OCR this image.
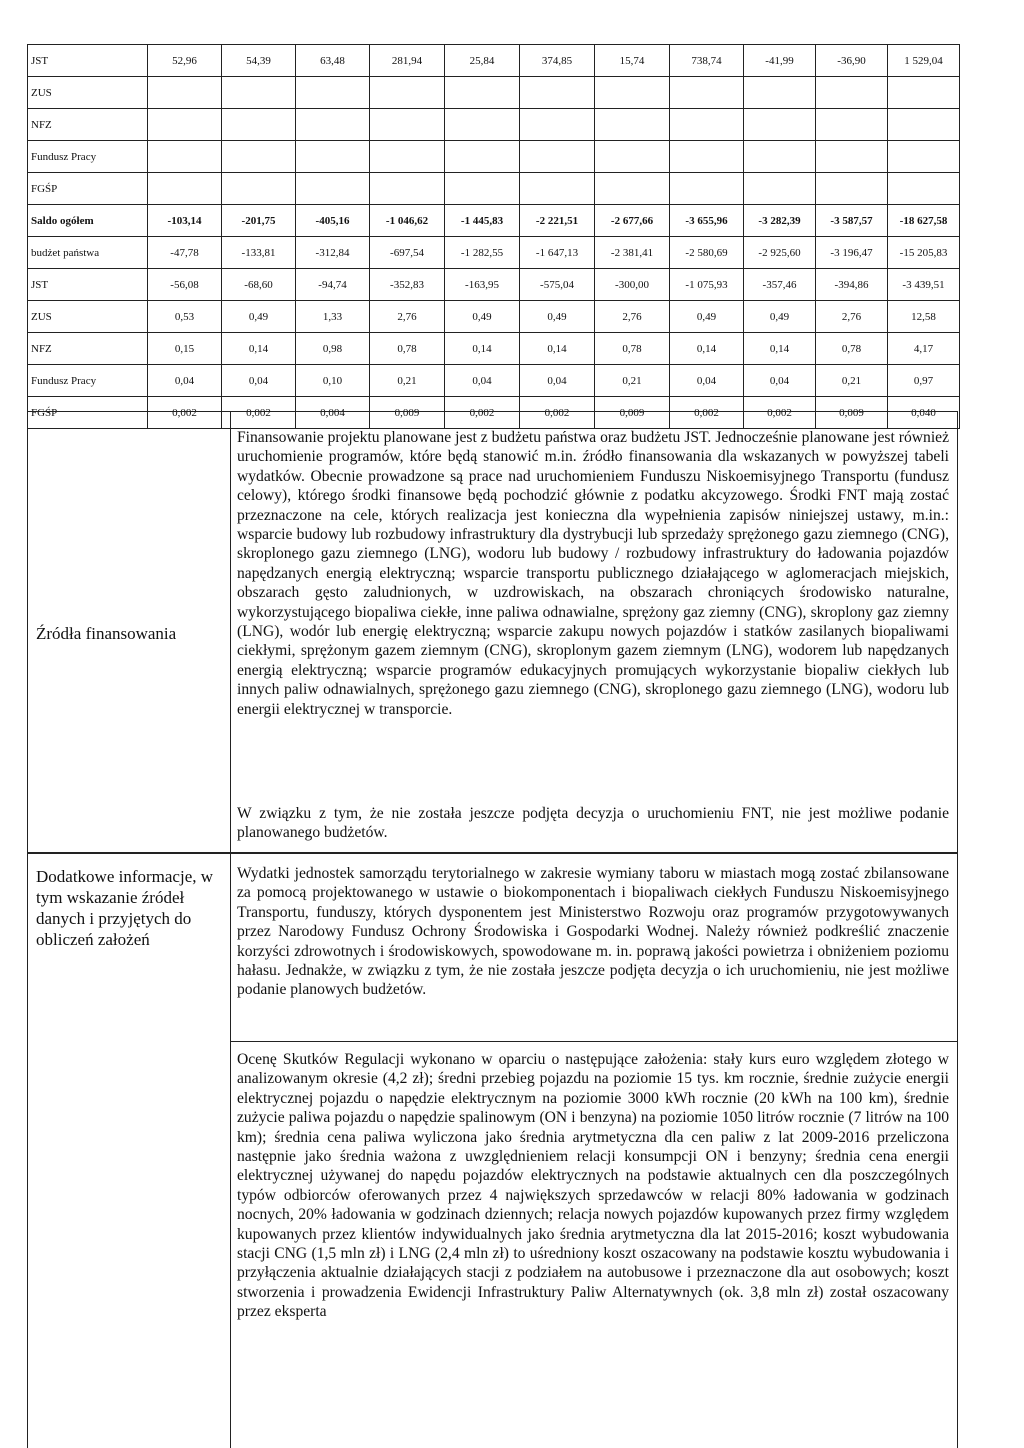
JST	52,96	54,39	63,48	281,94	25,84	374,85	15,74	738,74	-41,99	-36,90	1 529,04
ZUS											
NFZ											
Fundusz Pracy											
FGŚP											
Saldo ogółem	-103,14	-201,75	-405,16	-1 046,62	-1 445,83	-2 221,51	-2 677,66	-3 655,96	-3 282,39	-3 587,57	-18 627,58
budżet państwa	-47,78	-133,81	-312,84	-697,54	-1 282,55	-1 647,13	-2 381,41	-2 580,69	-2 925,60	-3 196,47	-15 205,83
JST	-56,08	-68,60	-94,74	-352,83	-163,95	-575,04	-300,00	-1 075,93	-357,46	-394,86	-3 439,51
ZUS	0,53	0,49	1,33	2,76	0,49	0,49	2,76	0,49	0,49	2,76	12,58
NFZ	0,15	0,14	0,98	0,78	0,14	0,14	0,78	0,14	0,14	0,78	4,17
Fundusz Pracy	0,04	0,04	0,10	0,21	0,04	0,04	0,21	0,04	0,04	0,21	0,97
FGŚP	0,002	0,002	0,004	0,009	0,002	0,002	0,009	0,002	0,002	0,009	0,040
Źródła finansowania

Finansowanie projektu planowane jest z budżetu państwa oraz budżetu JST. Jednocześnie planowane jest również uruchomienie programów, które będą stanowić m.in. źródło finansowania dla wskazanych w powyższej tabeli wydatków. Obecnie prowadzone są prace nad uruchomieniem Funduszu Niskoemisyjnego Transportu (fundusz celowy), którego środki finansowe będą pochodzić głównie z podatku akcyzowego. Środki FNT mają zostać przeznaczone na cele, których realizacja jest konieczna dla wypełnienia zapisów niniejszej ustawy, m.in.: wsparcie budowy lub rozbudowy infrastruktury dla dystrybucji lub sprzedaży sprężonego gazu ziemnego (CNG), skroplonego gazu ziemnego (LNG), wodoru lub budowy / rozbudowy infrastruktury do ładowania pojazdów napędzanych energią elektryczną; wsparcie transportu publicznego działającego w aglomeracjach miejskich, obszarach gęsto zaludnionych, w uzdrowiskach, na obszarach chroniących środowisko naturalne, wykorzystującego biopaliwa ciekłe, inne paliwa odnawialne, sprężony gaz ziemny (CNG), skroplony gaz ziemny (LNG), wodór lub energię elektryczną; wsparcie zakupu nowych pojazdów i statków zasilanych biopaliwami ciekłymi, sprężonym gazem ziemnym (CNG), skroplonym gazem ziemnym (LNG), wodorem lub napędzanych energią elektryczną; wsparcie programów edukacyjnych promujących wykorzystanie biopaliw ciekłych lub innych paliw odnawialnych, sprężonego gazu ziemnego (CNG), skroplonego gazu ziemnego (LNG), wodoru lub energii elektrycznej w transporcie.

W związku z tym, że nie została jeszcze podjęta decyzja o uruchomieniu FNT, nie jest możliwe podanie planowanego budżetów.

Dodatkowe informacje, w tym wskazanie źródeł danych i przyjętych do obliczeń założeń

Wydatki jednostek samorządu terytorialnego w zakresie wymiany taboru w miastach mogą zostać zbilansowane za pomocą projektowanego w ustawie o biokomponentach i biopaliwach ciekłych Funduszu Niskoemisyjnego Transportu, funduszy, których dysponentem jest Ministerstwo Rozwoju oraz programów przygotowywanych przez Narodowy Fundusz Ochrony Środowiska i Gospodarki Wodnej. Należy również podkreślić znaczenie korzyści zdrowotnych i środowiskowych, spowodowane m. in. poprawą jakości powietrza i obniżeniem poziomu hałasu. Jednakże, w związku z tym, że nie została jeszcze podjęta decyzja o ich uruchomieniu, nie jest możliwe podanie planowych budżetów.

Ocenę Skutków Regulacji wykonano w oparciu o następujące założenia: stały kurs euro względem złotego w analizowanym okresie (4,2 zł); średni przebieg pojazdu na poziomie 15 tys. km rocznie, średnie zużycie energii elektrycznej pojazdu o napędzie elektrycznym na poziomie 3000 kWh rocznie (20 kWh na 100 km), średnie zużycie paliwa pojazdu o napędzie spalinowym (ON i benzyna) na poziomie 1050 litrów rocznie (7 litrów na 100 km); średnia cena paliwa wyliczona jako średnia arytmetyczna dla cen paliw z lat 2009-2016 przeliczona następnie jako średnia ważona z uwzględnieniem relacji konsumpcji ON i benzyny; średnia cena energii elektrycznej używanej do napędu pojazdów elektrycznych na podstawie aktualnych cen dla poszczególnych typów odbiorców oferowanych przez 4 największych sprzedawców w relacji 80% ładowania w godzinach nocnych, 20% ładowania w godzinach dziennych; relacja nowych pojazdów kupowanych przez firmy względem kupowanych przez klientów indywidualnych jako średnia arytmetyczna dla lat 2015-2016; koszt wybudowania stacji CNG (1,5 mln zł) i LNG (2,4 mln zł) to uśredniony koszt oszacowany na podstawie kosztu wybudowania i przyłączenia aktualnie działających stacji z podziałem na autobusowe i przeznaczone dla aut osobowych; koszt stworzenia i prowadzenia Ewidencji Infrastruktury Paliw Alternatywnych (ok. 3,8 mln zł) został oszacowany przez eksperta
